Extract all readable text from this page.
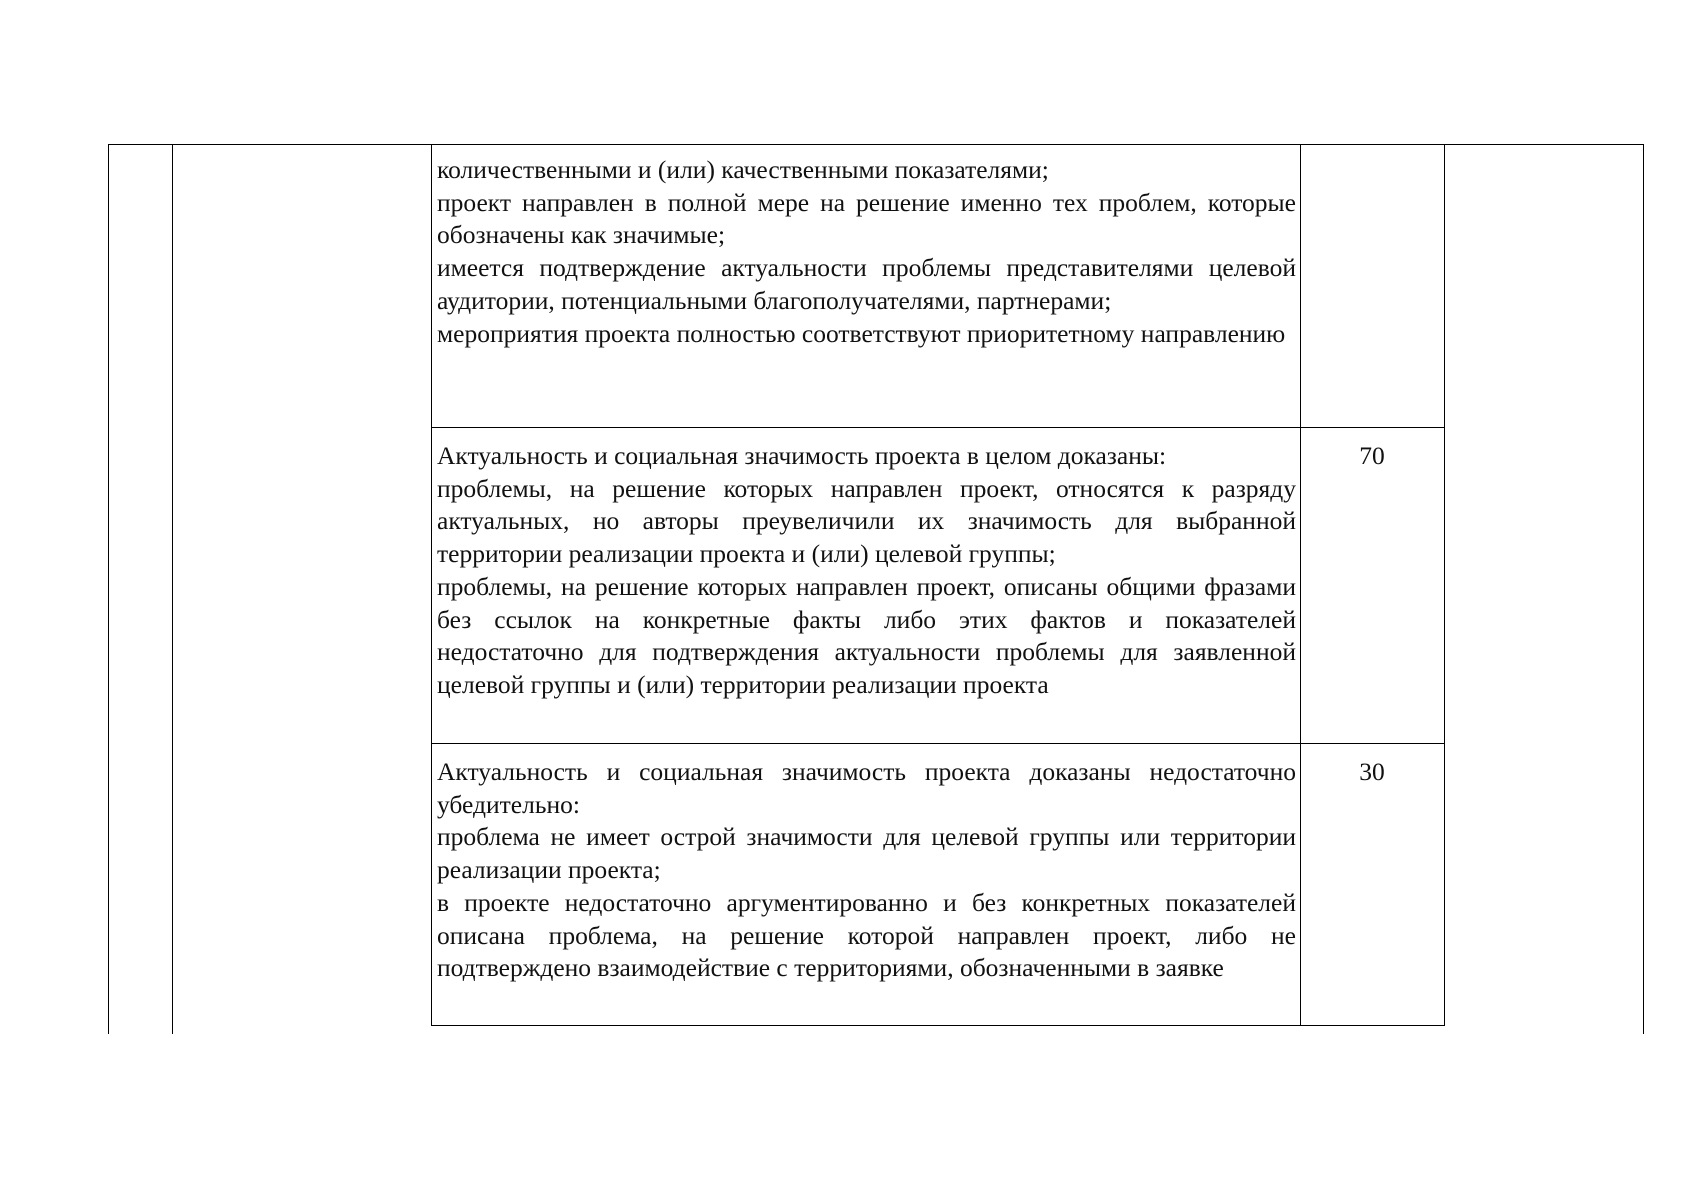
количественными и (или) качественными показателями;

проект направлен в полной мере на решение именно тех проблем, которые обозначены как значимые;

имеется подтверждение актуальности проблемы представителями целевой аудитории, потенциальными благополучателями, партнерами;

мероприятия проекта полностью соответствуют приоритетному направлению

Актуальность и социальная значимость проекта в целом доказаны:

проблемы, на решение которых направлен проект, относятся к разряду актуальных, но авторы преувеличили их значимость для выбранной территории реализации проекта и (или) целевой группы;

проблемы, на решение которых направлен проект, описаны общими фразами без ссылок на конкретные факты либо этих фактов и показателей недостаточно для подтверждения актуальности проблемы для заявленной целевой группы и (или) территории реализации проекта

70

Актуальность и социальная значимость проекта доказаны недостаточно убедительно:

проблема не имеет острой значимости для целевой группы или территории реализации проекта;

в проекте недостаточно аргументированно и без конкретных показателей описана проблема, на решение которой направлен проект, либо не подтверждено взаимодействие с территориями, обозначенными в заявке

30
